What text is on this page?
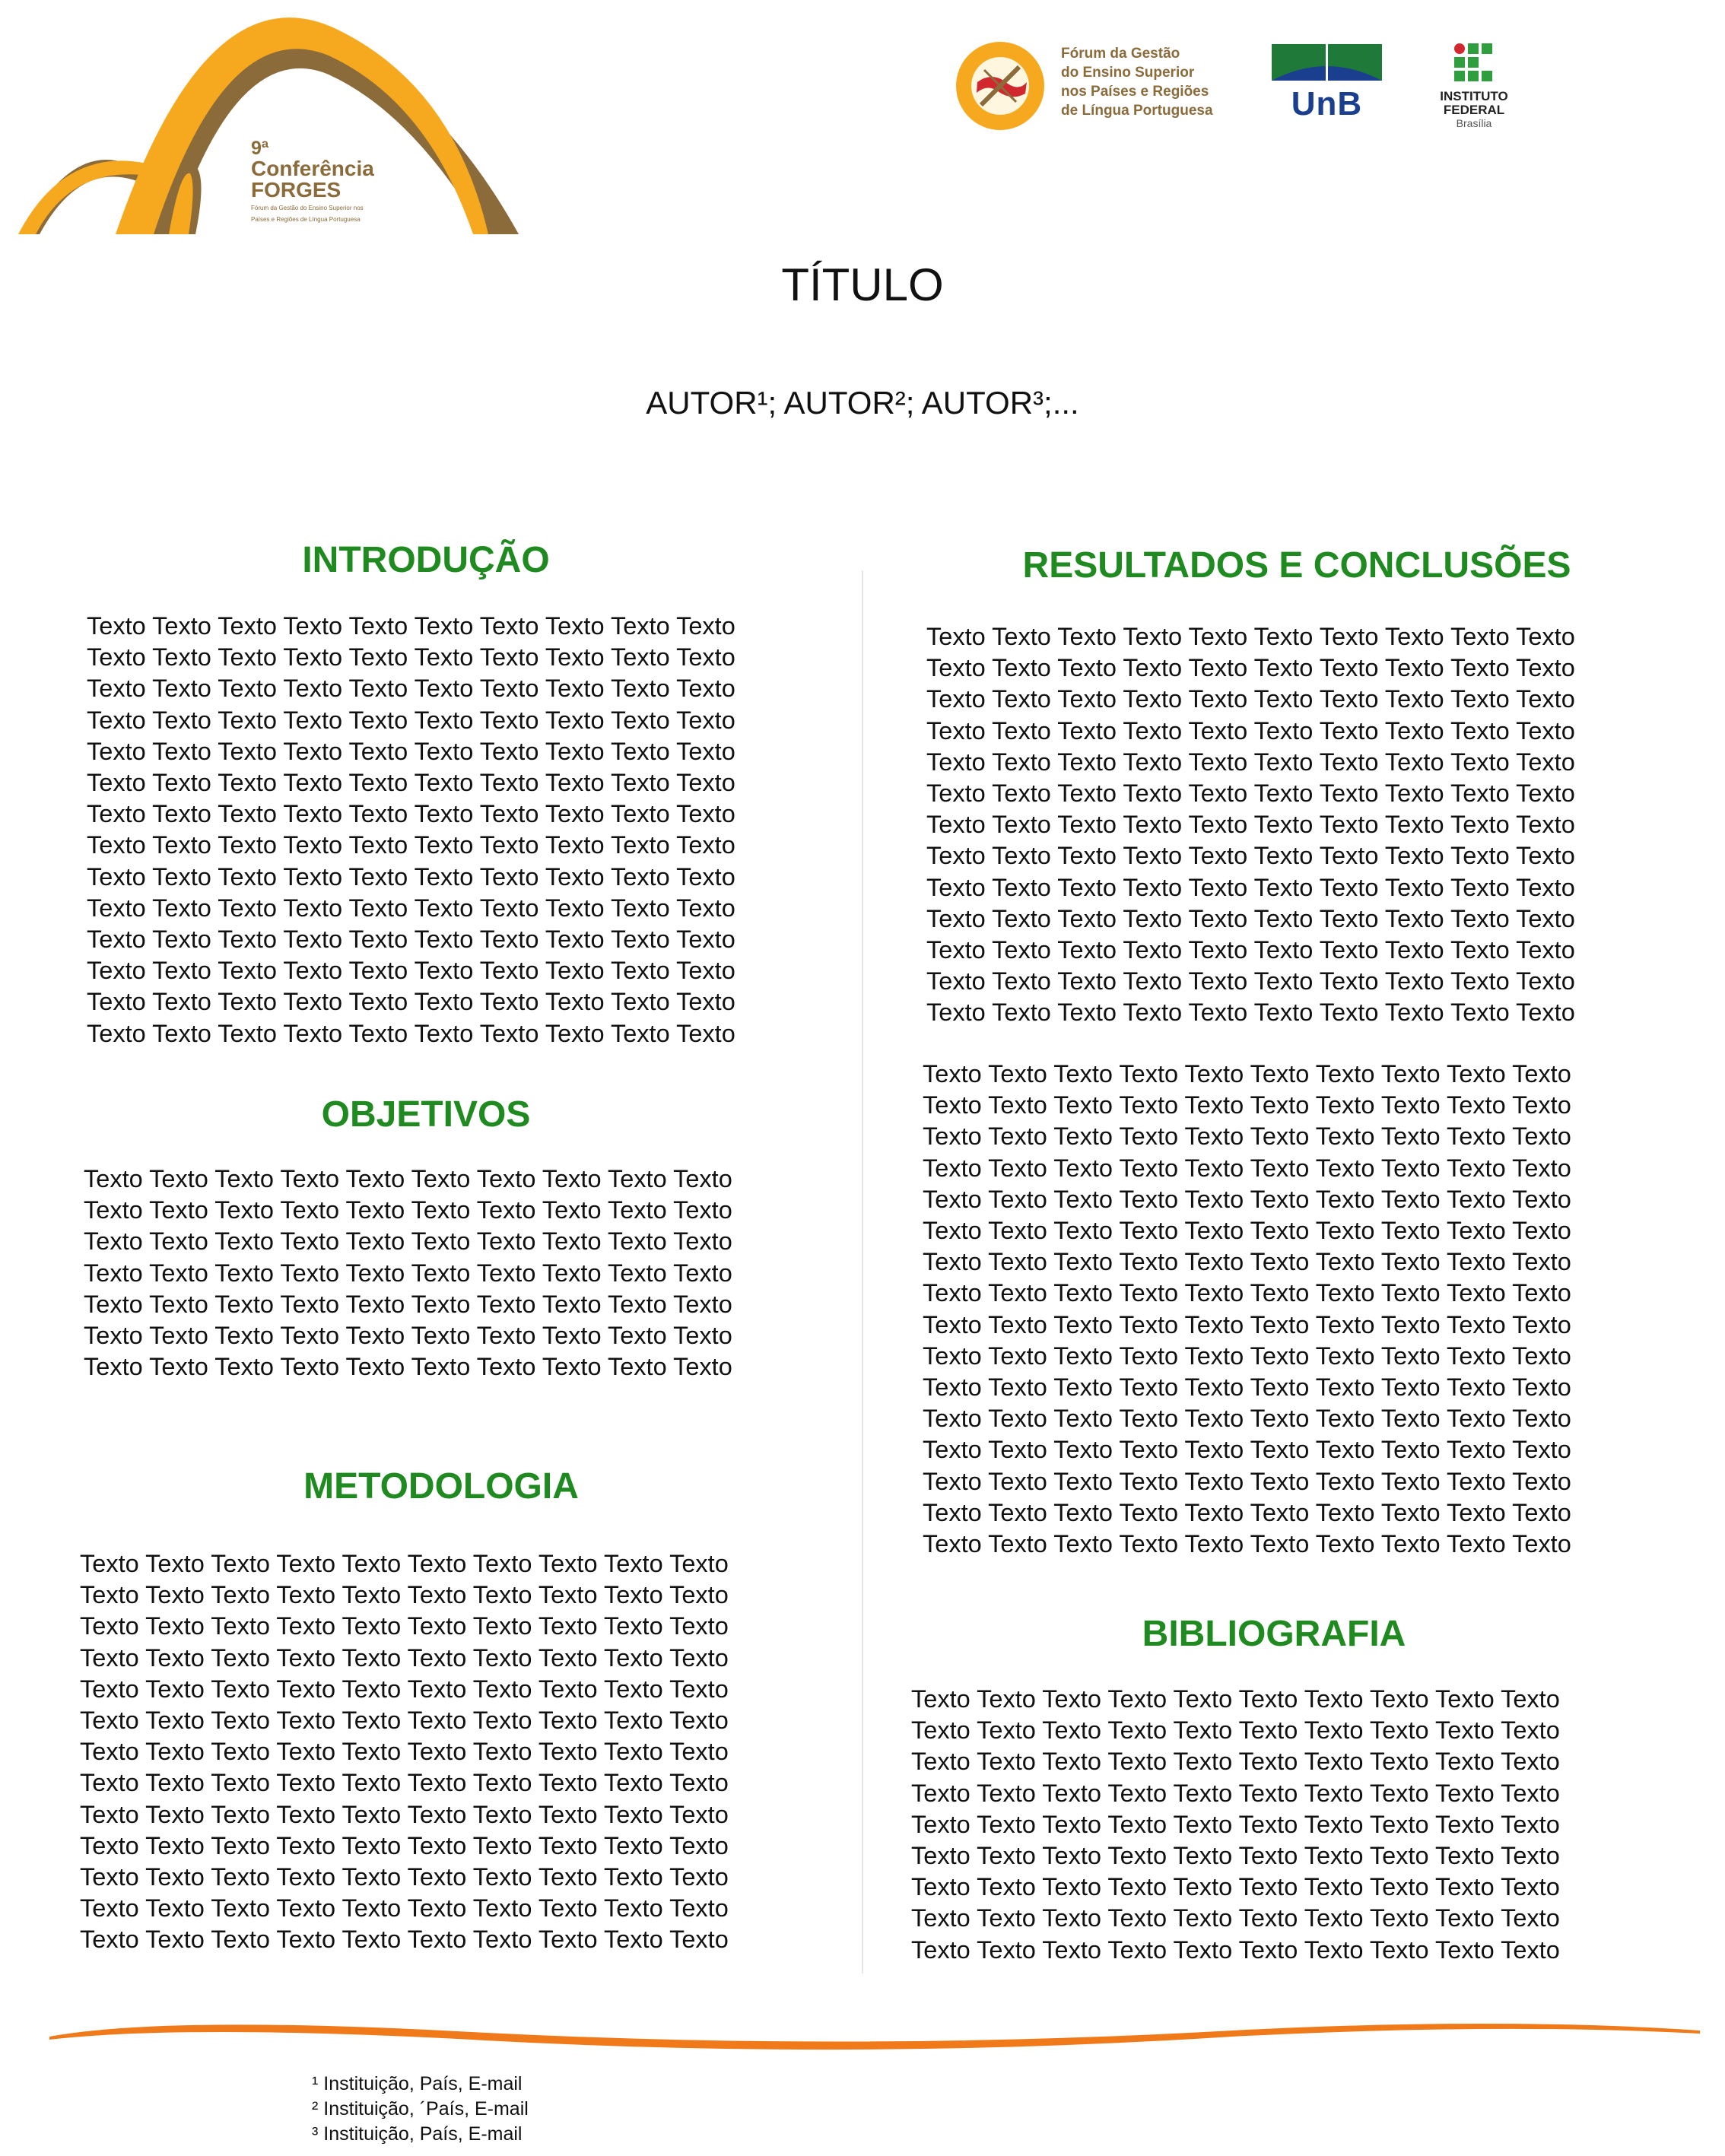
9ª
Conferência
FORGES
Fórum da Gestão do Ensino Superior nos
Países e Regiões de Língua Portuguesa
Fórum da Gestão
do Ensino Superior
nos Países e Regiões
de Língua Portuguesa	UnB	INSTITUTO
FEDERAL
Brasília
TÍTULO
AUTOR¹; AUTOR²; AUTOR³;...
INTRODUÇÃO
Texto Texto Texto Texto Texto Texto Texto Texto Texto Texto
Texto Texto Texto Texto Texto Texto Texto Texto Texto Texto
Texto Texto Texto Texto Texto Texto Texto Texto Texto Texto
Texto Texto Texto Texto Texto Texto Texto Texto Texto Texto
Texto Texto Texto Texto Texto Texto Texto Texto Texto Texto
Texto Texto Texto Texto Texto Texto Texto Texto Texto Texto
Texto Texto Texto Texto Texto Texto Texto Texto Texto Texto
Texto Texto Texto Texto Texto Texto Texto Texto Texto Texto
Texto Texto Texto Texto Texto Texto Texto Texto Texto Texto
Texto Texto Texto Texto Texto Texto Texto Texto Texto Texto
Texto Texto Texto Texto Texto Texto Texto Texto Texto Texto
Texto Texto Texto Texto Texto Texto Texto Texto Texto Texto
Texto Texto Texto Texto Texto Texto Texto Texto Texto Texto
Texto Texto Texto Texto Texto Texto Texto Texto Texto Texto
OBJETIVOS
Texto Texto Texto Texto Texto Texto Texto Texto Texto Texto
Texto Texto Texto Texto Texto Texto Texto Texto Texto Texto
Texto Texto Texto Texto Texto Texto Texto Texto Texto Texto
Texto Texto Texto Texto Texto Texto Texto Texto Texto Texto
Texto Texto Texto Texto Texto Texto Texto Texto Texto Texto
Texto Texto Texto Texto Texto Texto Texto Texto Texto Texto
Texto Texto Texto Texto Texto Texto Texto Texto Texto Texto
METODOLOGIA
Texto Texto Texto Texto Texto Texto Texto Texto Texto Texto
Texto Texto Texto Texto Texto Texto Texto Texto Texto Texto
Texto Texto Texto Texto Texto Texto Texto Texto Texto Texto
Texto Texto Texto Texto Texto Texto Texto Texto Texto Texto
Texto Texto Texto Texto Texto Texto Texto Texto Texto Texto
Texto Texto Texto Texto Texto Texto Texto Texto Texto Texto
Texto Texto Texto Texto Texto Texto Texto Texto Texto Texto
Texto Texto Texto Texto Texto Texto Texto Texto Texto Texto
Texto Texto Texto Texto Texto Texto Texto Texto Texto Texto
Texto Texto Texto Texto Texto Texto Texto Texto Texto Texto
Texto Texto Texto Texto Texto Texto Texto Texto Texto Texto
Texto Texto Texto Texto Texto Texto Texto Texto Texto Texto
Texto Texto Texto Texto Texto Texto Texto Texto Texto Texto
RESULTADOS E CONCLUSÕES
Texto Texto Texto Texto Texto Texto Texto Texto Texto Texto
Texto Texto Texto Texto Texto Texto Texto Texto Texto Texto
Texto Texto Texto Texto Texto Texto Texto Texto Texto Texto
Texto Texto Texto Texto Texto Texto Texto Texto Texto Texto
Texto Texto Texto Texto Texto Texto Texto Texto Texto Texto
Texto Texto Texto Texto Texto Texto Texto Texto Texto Texto
Texto Texto Texto Texto Texto Texto Texto Texto Texto Texto
Texto Texto Texto Texto Texto Texto Texto Texto Texto Texto
Texto Texto Texto Texto Texto Texto Texto Texto Texto Texto
Texto Texto Texto Texto Texto Texto Texto Texto Texto Texto
Texto Texto Texto Texto Texto Texto Texto Texto Texto Texto
Texto Texto Texto Texto Texto Texto Texto Texto Texto Texto
Texto Texto Texto Texto Texto Texto Texto Texto Texto Texto
Texto Texto Texto Texto Texto Texto Texto Texto Texto Texto
Texto Texto Texto Texto Texto Texto Texto Texto Texto Texto
Texto Texto Texto Texto Texto Texto Texto Texto Texto Texto
Texto Texto Texto Texto Texto Texto Texto Texto Texto Texto
Texto Texto Texto Texto Texto Texto Texto Texto Texto Texto
Texto Texto Texto Texto Texto Texto Texto Texto Texto Texto
Texto Texto Texto Texto Texto Texto Texto Texto Texto Texto
Texto Texto Texto Texto Texto Texto Texto Texto Texto Texto
Texto Texto Texto Texto Texto Texto Texto Texto Texto Texto
Texto Texto Texto Texto Texto Texto Texto Texto Texto Texto
Texto Texto Texto Texto Texto Texto Texto Texto Texto Texto
Texto Texto Texto Texto Texto Texto Texto Texto Texto Texto
Texto Texto Texto Texto Texto Texto Texto Texto Texto Texto
Texto Texto Texto Texto Texto Texto Texto Texto Texto Texto
Texto Texto Texto Texto Texto Texto Texto Texto Texto Texto
Texto Texto Texto Texto Texto Texto Texto Texto Texto Texto
BIBLIOGRAFIA
Texto Texto Texto Texto Texto Texto Texto Texto Texto Texto
Texto Texto Texto Texto Texto Texto Texto Texto Texto Texto
Texto Texto Texto Texto Texto Texto Texto Texto Texto Texto
Texto Texto Texto Texto Texto Texto Texto Texto Texto Texto
Texto Texto Texto Texto Texto Texto Texto Texto Texto Texto
Texto Texto Texto Texto Texto Texto Texto Texto Texto Texto
Texto Texto Texto Texto Texto Texto Texto Texto Texto Texto
Texto Texto Texto Texto Texto Texto Texto Texto Texto Texto
Texto Texto Texto Texto Texto Texto Texto Texto Texto Texto
¹ Instituição, País, E-mail
² Instituição, ´País, E-mail
³ Instituição, País, E-mail
